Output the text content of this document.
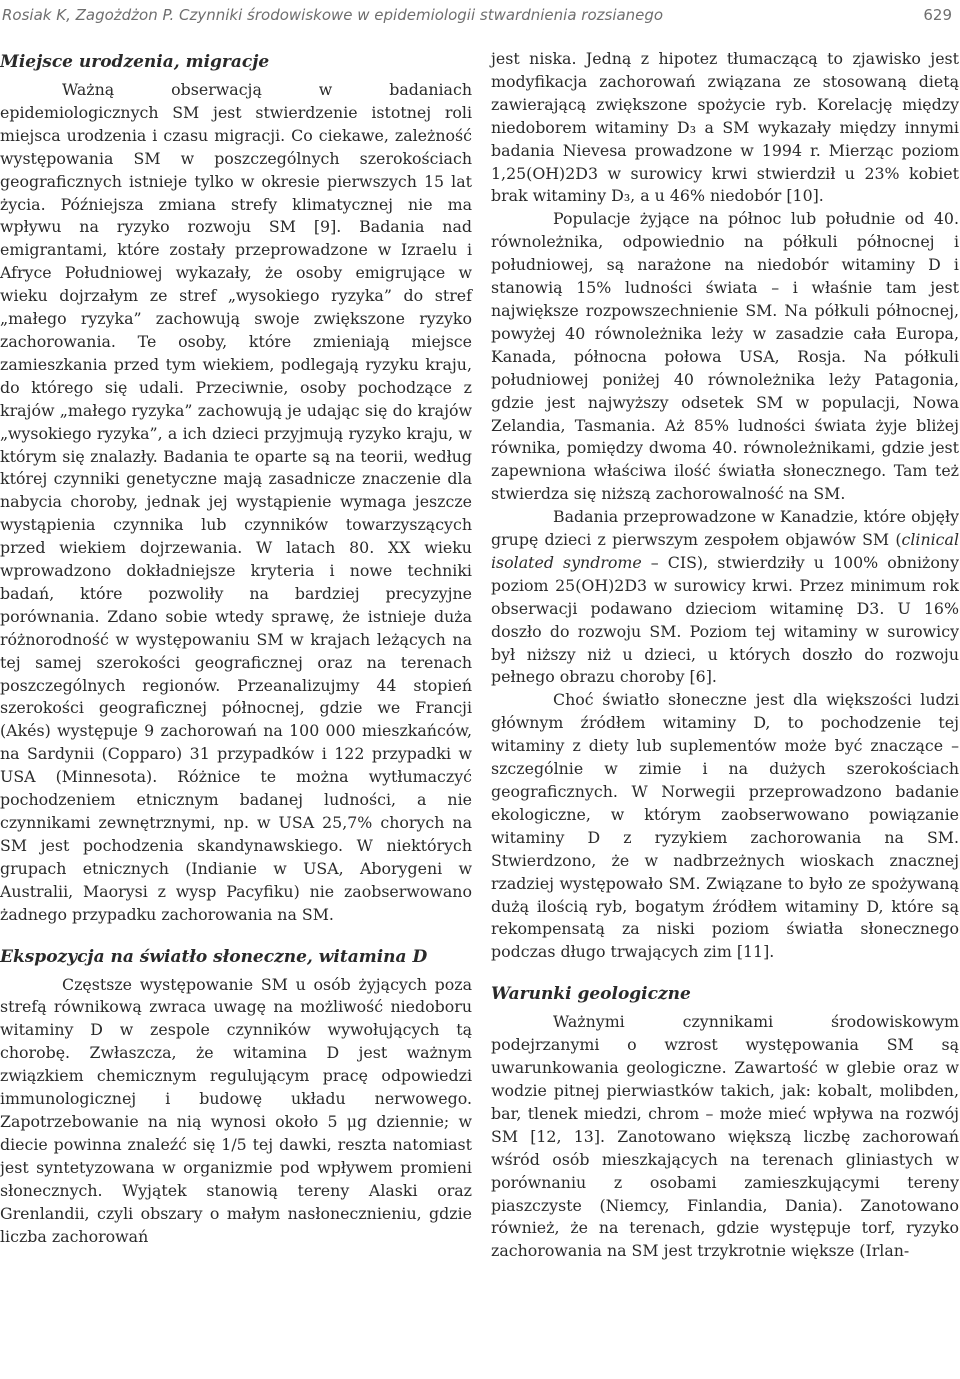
Rosiak K, Zagożdżon P. Czynniki środowiskowe w epidemiologii stwardnienia rozsianego	629
Miejsce urodzenia, migracje

Ważną obserwacją w badaniach epidemiologicznych SM jest stwierdzenie istotnej roli miejsca urodzenia i czasu migracji. Co ciekawe, zależność występowania SM w poszczególnych szerokościach geograficznych istnieje tylko w okresie pierwszych 15 lat życia. Późniejsza zmiana strefy klimatycznej nie ma wpływu na ryzyko rozwoju SM [9]. Badania nad emigrantami, które zostały przeprowadzone w Izraelu i Afryce Południowej wykazały, że osoby emigrujące w wieku dojrzałym ze stref „wysokiego ryzyka” do stref „małego ryzyka” zachowują swoje zwiększone ryzyko zachorowania. Te osoby, które zmieniają miejsce zamieszkania przed tym wiekiem, podlegają ryzyku kraju, do którego się udali. Przeciwnie, osoby pochodzące z krajów „małego ryzyka” zachowują je udając się do krajów „wysokiego ryzyka”, a ich dzieci przyjmują ryzyko kraju, w którym się znalazły. Badania te oparte są na teorii, według której czynniki genetyczne mają zasadnicze znaczenie dla nabycia choroby, jednak jej wystąpienie wymaga jeszcze wystąpienia czynnika lub czynników towarzyszących przed wiekiem dojrzewania. W latach 80. XX wieku wprowadzono dokładniejsze kryteria i nowe techniki badań, które pozwoliły na bardziej precyzyjne porównania. Zdano sobie wtedy sprawę, że istnieje duża różnorodność w występowaniu SM w krajach leżących na tej samej szerokości geograficznej oraz na terenach poszczególnych regionów. Przeanalizujmy 44 stopień szerokości geograficznej północnej, gdzie we Francji (Akés) występuje 9 zachorowań na 100 000 mieszkańców, na Sardynii (Copparo) 31 przypadków i 122 przypadki w USA (Minnesota). Różnice te można wytłumaczyć pochodzeniem etnicznym badanej ludności, a nie czynnikami zewnętrznymi, np. w USA 25,7% chorych na SM jest pochodzenia skandynawskiego. W niektórych grupach etnicznych (Indianie w USA, Aborygeni w Australii, Maorysi z wysp Pacyfiku) nie zaobserwowano żadnego przypadku zachorowania na SM.

Ekspozycja na światło słoneczne, witamina D

Częstsze występowanie SM u osób żyjących poza strefą równikową zwraca uwagę na możliwość niedoboru witaminy D w zespole czynników wywołujących tą chorobę. Zwłaszcza, że witamina D jest ważnym związkiem chemicznym regulującym pracę odpowiedzi immunologicznej i budowę układu nerwowego. Zapotrzebowanie na nią wynosi około 5 μg dziennie; w diecie powinna znaleźć się 1/5 tej dawki, reszta natomiast jest syntetyzowana w organizmie pod wpływem promieni słonecznych. Wyjątek stanowią tereny Alaski oraz Grenlandii, czyli obszary o małym nasłonecznieniu, gdzie liczba zachorowań

jest niska. Jedną z hipotez tłumaczącą to zjawisko jest modyfikacja zachorowań związana ze stosowaną dietą zawierającą zwiększone spożycie ryb. Korelację między niedoborem witaminy D₃ a SM wykazały między innymi badania Nievesa prowadzone w 1994 r. Mierząc poziom 1,25(OH)2D3 w surowicy krwi stwierdził u 23% kobiet brak witaminy D₃, a u 46% niedobór [10].

Populacje żyjące na północ lub południe od 40. równoleżnika, odpowiednio na półkuli północnej i południowej, są narażone na niedobór witaminy D i stanowią 15% ludności świata – i właśnie tam jest największe rozpowszechnienie SM. Na półkuli północnej, powyżej 40 równoleżnika leży w zasadzie cała Europa, Kanada, północna połowa USA, Rosja. Na półkuli południowej poniżej 40 równoleżnika leży Patagonia, gdzie jest najwyższy odsetek SM w populacji, Nowa Zelandia, Tasmania. Aż 85% ludności świata żyje bliżej równika, pomiędzy dwoma 40. równoleżnikami, gdzie jest zapewniona właściwa ilość światła słonecznego. Tam też stwierdza się niższą zachorowalność na SM.

Badania przeprowadzone w Kanadzie, które objęły grupę dzieci z pierwszym zespołem objawów SM (clinical isolated syndrome – CIS), stwierdziły u 100% obniżony poziom 25(OH)2D3 w surowicy krwi. Przez minimum rok obserwacji podawano dzieciom witaminę D3. U 16% doszło do rozwoju SM. Poziom tej witaminy w surowicy był niższy niż u dzieci, u których doszło do rozwoju pełnego obrazu choroby [6].

Choć światło słoneczne jest dla większości ludzi głównym źródłem witaminy D, to pochodzenie tej witaminy z diety lub suplementów może być znaczące – szczególnie w zimie i na dużych szerokościach geograficznych. W Norwegii przeprowadzono badanie ekologiczne, w którym zaobserwowano powiązanie witaminy D z ryzykiem zachorowania na SM. Stwierdzono, że w nadbrzeżnych wioskach znacznej rzadziej występowało SM. Związane to było ze spożywaną dużą ilością ryb, bogatym źródłem witaminy D, które są rekompensatą za niski poziom światła słonecznego podczas długo trwających zim [11].

Warunki geologiczne

Ważnymi czynnikami środowiskowym podejrzanymi o wzrost występowania SM są uwarunkowania geologiczne. Zawartość w glebie oraz w wodzie pitnej pierwiastków takich, jak: kobalt, molibden, bar, tlenek miedzi, chrom – może mieć wpływa na rozwój SM [12, 13]. Zanotowano większą liczbę zachorowań wśród osób mieszkających na terenach gliniastych w porównaniu z osobami zamieszkującymi tereny piaszczyste (Niemcy, Finlandia, Dania). Zanotowano również, że na terenach, gdzie występuje torf, ryzyko zachorowania na SM jest trzykrotnie większe (Irlan-
